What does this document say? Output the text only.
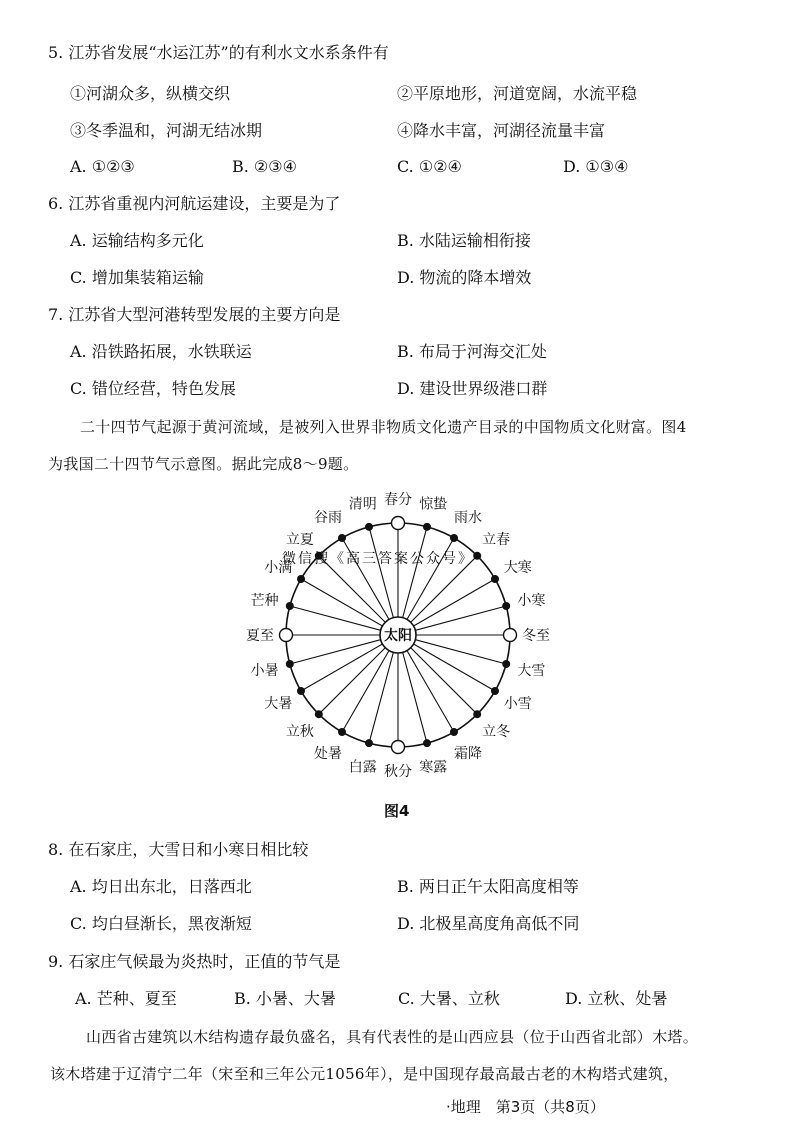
5. 江苏省发展“水运江苏”的有利水文水系条件有
①河湖众多，纵横交织	②平原地形，河道宽阔，水流平稳
③冬季温和，河湖无结冰期	④降水丰富，河湖径流量丰富
A. ①②③	B. ②③④	C. ①②④	D. ①③④
6. 江苏省重视内河航运建设，主要是为了
A. 运输结构多元化	B. 水陆运输相衔接
C. 增加集装箱运输	D. 物流的降本增效
7. 江苏省大型河港转型发展的主要方向是
A. 沿铁路拓展，水铁联运	B. 布局于河海交汇处
C. 错位经营，特色发展	D. 建设世界级港口群
二十四节气起源于黄河流域，是被列入世界非物质文化遗产目录的中国物质文化财富。图4
为我国二十四节气示意图。据此完成8～9题。
太阳
春分
清明
谷雨
立夏
小满
芒种
夏至
小暑
大暑
立秋
处暑
白露 秋分 寒露
霜降
立冬
小雪
大雪
冬至
小寒
大寒
立春
雨水
惊蛰
微信搜《高三答案公众号》
图4
8. 在石家庄，大雪日和小寒日相比较
A. 均日出东北，日落西北	B. 两日正午太阳高度相等
C. 均白昼渐长，黑夜渐短	D. 北极星高度角高低不同
9. 石家庄气候最为炎热时，正值的节气是
A. 芒种、夏至	B. 小暑、大暑	C. 大暑、立秋	D. 立秋、处暑
山西省古建筑以木结构遗存最负盛名，具有代表性的是山西应县（位于山西省北部）木塔。
该木塔建于辽清宁二年（宋至和三年公元1056年），是中国现存最高最古老的木构塔式建筑，
·地理　第3页（共8页）
